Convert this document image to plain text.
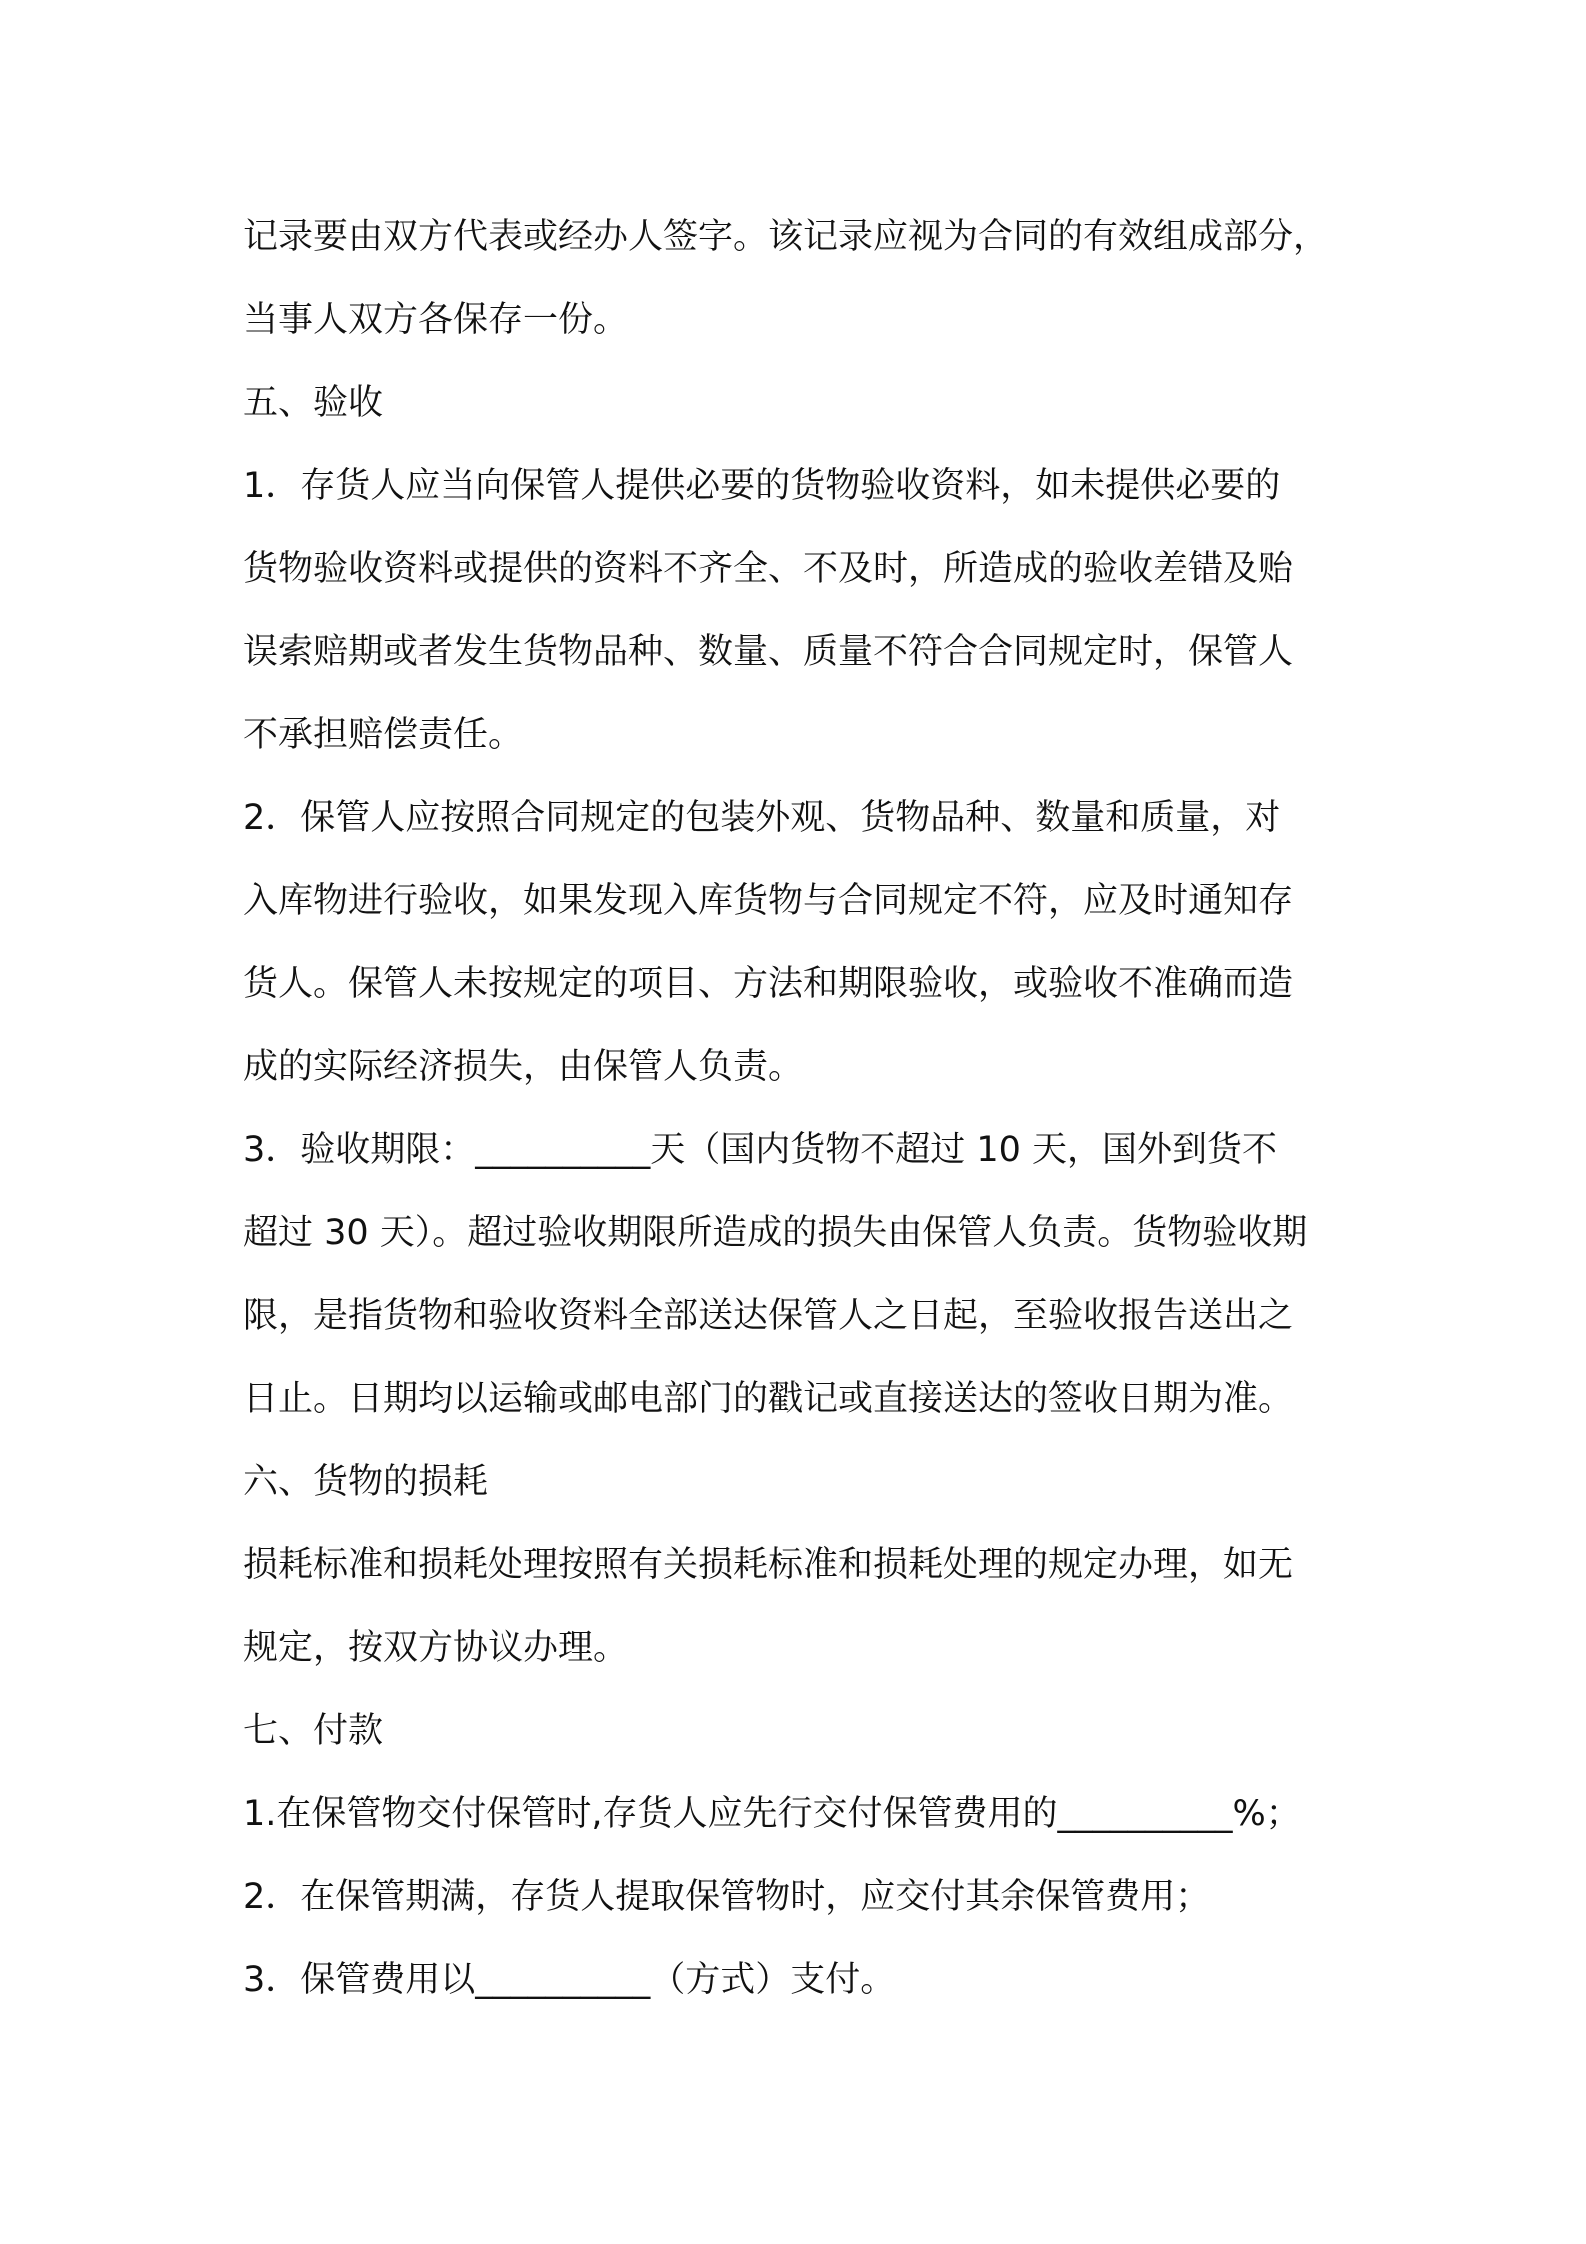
记录要由双方代表或经办人签字。该记录应视为合同的有效组成部分，

当事人双方各保存一份。

五、验收

1．存货人应当向保管人提供必要的货物验收资料，如未提供必要的

货物验收资料或提供的资料不齐全、不及时，所造成的验收差错及贻

误索赔期或者发生货物品种、数量、质量不符合合同规定时，保管人

不承担赔偿责任。

2．保管人应按照合同规定的包装外观、货物品种、数量和质量，对

入库物进行验收，如果发现入库货物与合同规定不符，应及时通知存

货人。保管人未按规定的项目、方法和期限验收，或验收不准确而造

成的实际经济损失，由保管人负责。

3．验收期限：__________天（国内货物不超过 10 天，国外到货不

超过 30 天）。超过验收期限所造成的损失由保管人负责。货物验收期

限，是指货物和验收资料全部送达保管人之日起，至验收报告送出之

日止。日期均以运输或邮电部门的戳记或直接送达的签收日期为准。

六、货物的损耗

损耗标准和损耗处理按照有关损耗标准和损耗处理的规定办理，如无

规定，按双方协议办理。

七、付款

1.在保管物交付保管时,存货人应先行交付保管费用的__________%；

2．在保管期满，存货人提取保管物时，应交付其余保管费用；

3．保管费用以__________（方式）支付。
